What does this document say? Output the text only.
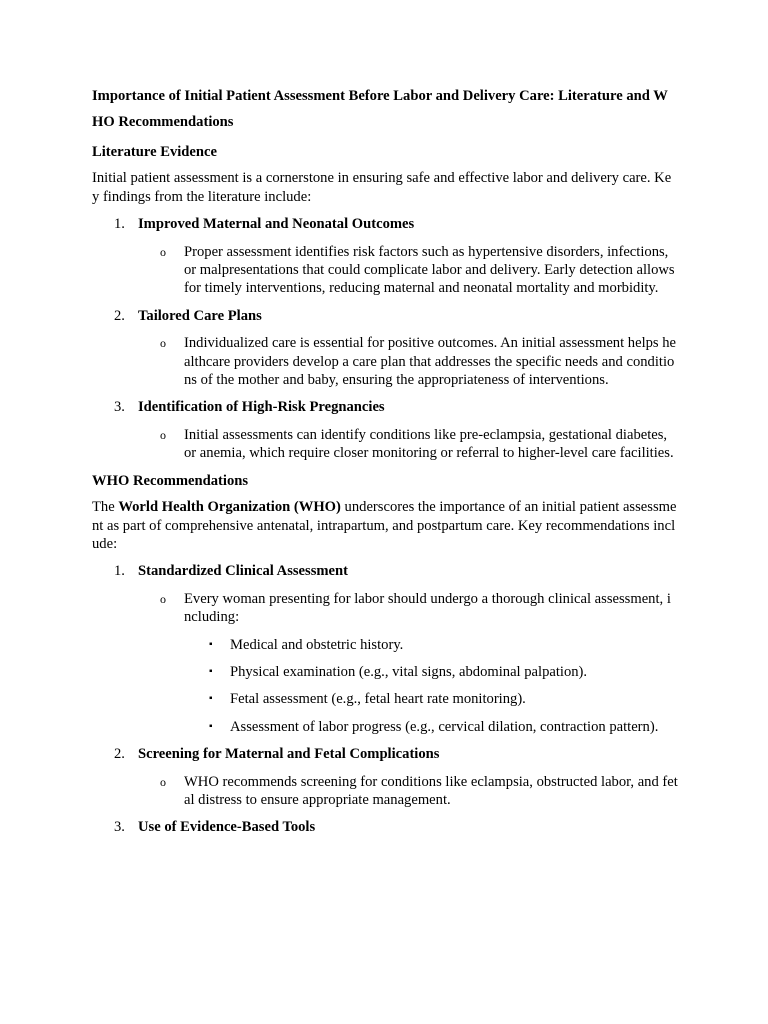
Importance of Initial Patient Assessment Before Labor and Delivery Care: Literature and WHO Recommendations
Literature Evidence
Initial patient assessment is a cornerstone in ensuring safe and effective labor and delivery care. Key findings from the literature include:
1. Improved Maternal and Neonatal Outcomes
o Proper assessment identifies risk factors such as hypertensive disorders, infections, or malpresentations that could complicate labor and delivery. Early detection allows for timely interventions, reducing maternal and neonatal mortality and morbidity.
2. Tailored Care Plans
o Individualized care is essential for positive outcomes. An initial assessment helps healthcare providers develop a care plan that addresses the specific needs and conditions of the mother and baby, ensuring the appropriateness of interventions.
3. Identification of High-Risk Pregnancies
o Initial assessments can identify conditions like pre-eclampsia, gestational diabetes, or anemia, which require closer monitoring or referral to higher-level care facilities.
WHO Recommendations
The World Health Organization (WHO) underscores the importance of an initial patient assessment as part of comprehensive antenatal, intrapartum, and postpartum care. Key recommendations include:
1. Standardized Clinical Assessment
o Every woman presenting for labor should undergo a thorough clinical assessment, including:
▪ Medical and obstetric history.
▪ Physical examination (e.g., vital signs, abdominal palpation).
▪ Fetal assessment (e.g., fetal heart rate monitoring).
▪ Assessment of labor progress (e.g., cervical dilation, contraction pattern).
2. Screening for Maternal and Fetal Complications
o WHO recommends screening for conditions like eclampsia, obstructed labor, and fetal distress to ensure appropriate management.
3. Use of Evidence-Based Tools
